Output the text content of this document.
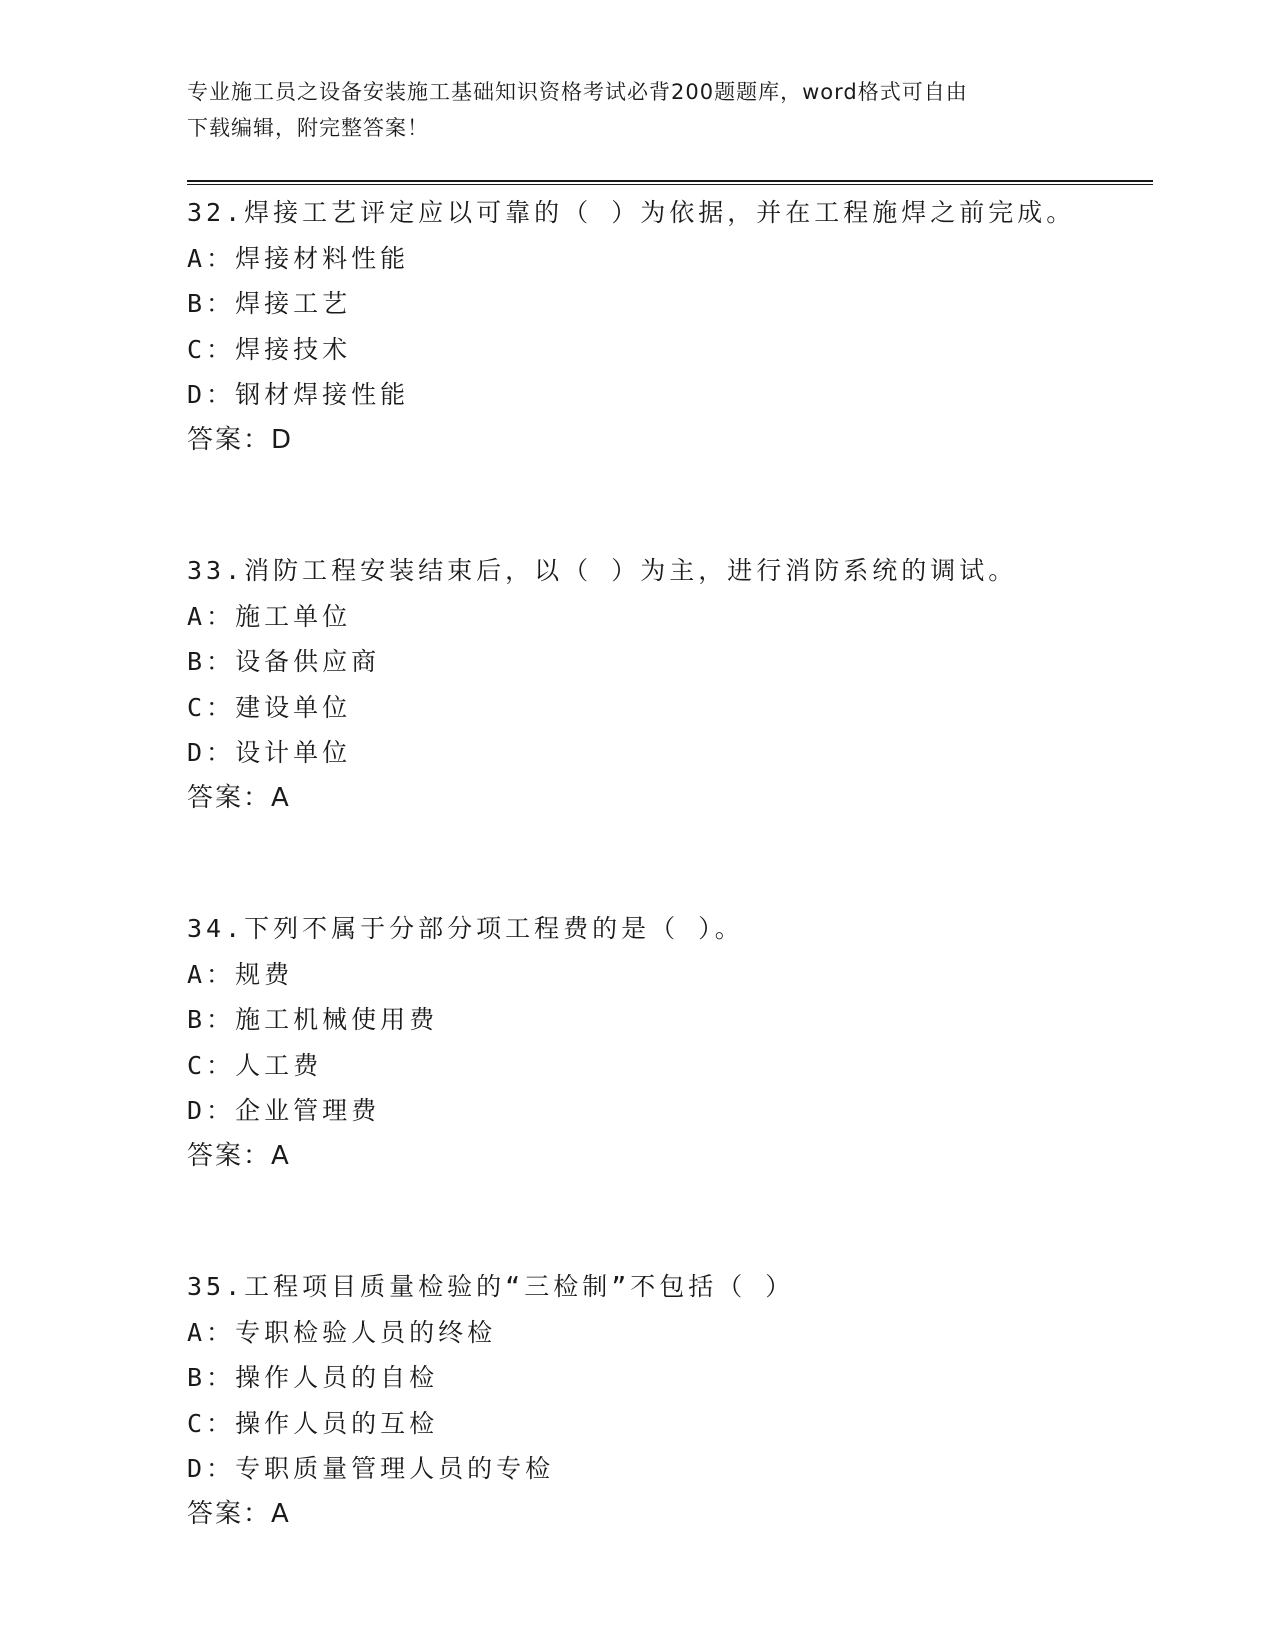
专业施工员之设备安装施工基础知识资格考试必背200题题库，word格式可自由
下载编辑，附完整答案！
32.焊接工艺评定应以可靠的（ ）为依据，并在工程施焊之前完成。
A：焊接材料性能
B：焊接工艺
C：焊接技术
D：钢材焊接性能
答案：D
33.消防工程安装结束后，以（ ）为主，进行消防系统的调试。
A：施工单位
B：设备供应商
C：建设单位
D：设计单位
答案：A
34.下列不属于分部分项工程费的是（ ）。
A：规费
B：施工机械使用费
C：人工费
D：企业管理费
答案：A
35.工程项目质量检验的“三检制”不包括（ ）
A：专职检验人员的终检
B：操作人员的自检
C：操作人员的互检
D：专职质量管理人员的专检
答案：A
